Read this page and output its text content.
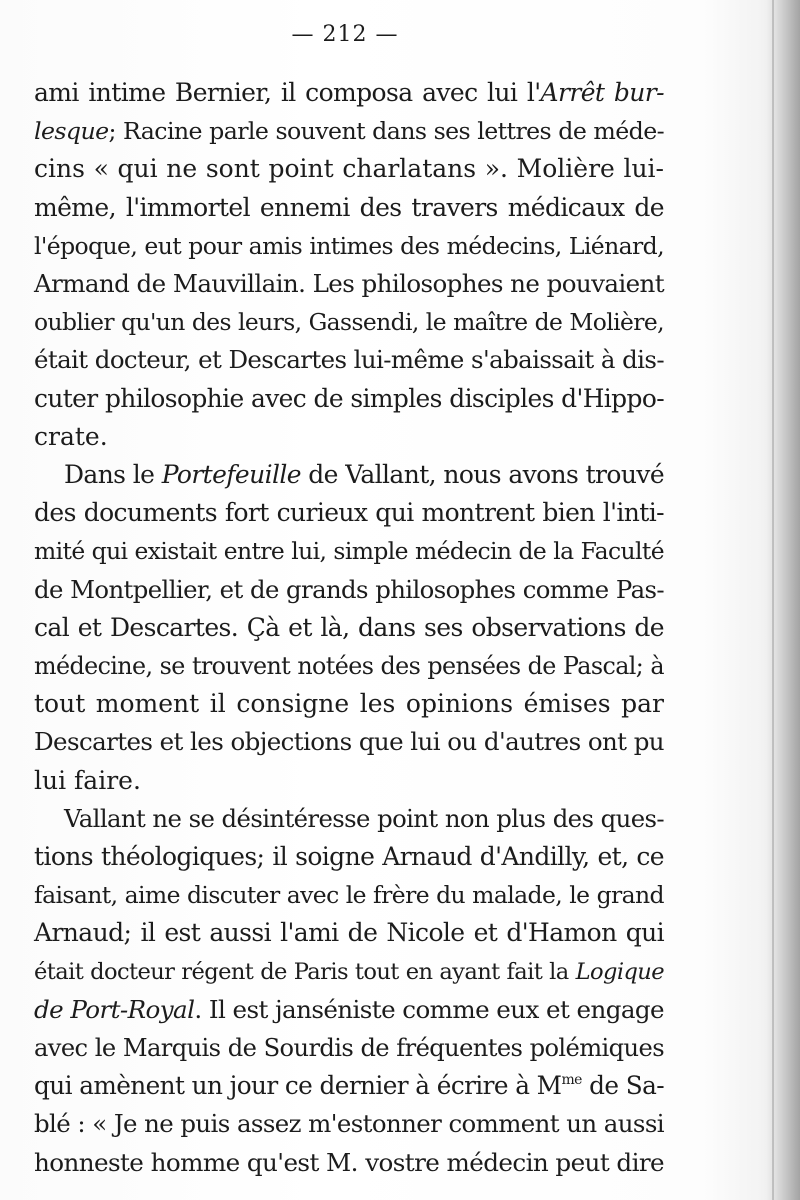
— 212 —
ami intime Bernier, il composa avec lui l'Arrêt bur-
lesque; Racine parle souvent dans ses lettres de méde-
cins « qui ne sont point charlatans ». Molière lui-
même, l'immortel ennemi des travers médicaux de
l'époque, eut pour amis intimes des médecins, Liénard,
Armand de Mauvillain. Les philosophes ne pouvaient
oublier qu'un des leurs, Gassendi, le maître de Molière,
était docteur, et Descartes lui-même s'abaissait à dis-
cuter philosophie avec de simples disciples d'Hippo-
crate.
Dans le Portefeuille de Vallant, nous avons trouvé
des documents fort curieux qui montrent bien l'inti-
mité qui existait entre lui, simple médecin de la Faculté
de Montpellier, et de grands philosophes comme Pas-
cal et Descartes. Çà et là, dans ses observations de
médecine, se trouvent notées des pensées de Pascal; à
tout moment il consigne les opinions émises par
Descartes et les objections que lui ou d'autres ont pu
lui faire.
Vallant ne se désintéresse point non plus des ques-
tions théologiques; il soigne Arnaud d'Andilly, et, ce
faisant, aime discuter avec le frère du malade, le grand
Arnaud; il est aussi l'ami de Nicole et d'Hamon qui
était docteur régent de Paris tout en ayant fait la Logique
de Port-Royal. Il est janséniste comme eux et engage
avec le Marquis de Sourdis de fréquentes polémiques
qui amènent un jour ce dernier à écrire à $M^{me}$ de Sa-
blé : « Je ne puis assez m'estonner comment un aussi
honneste homme qu'est M. vostre médecin peut dire
